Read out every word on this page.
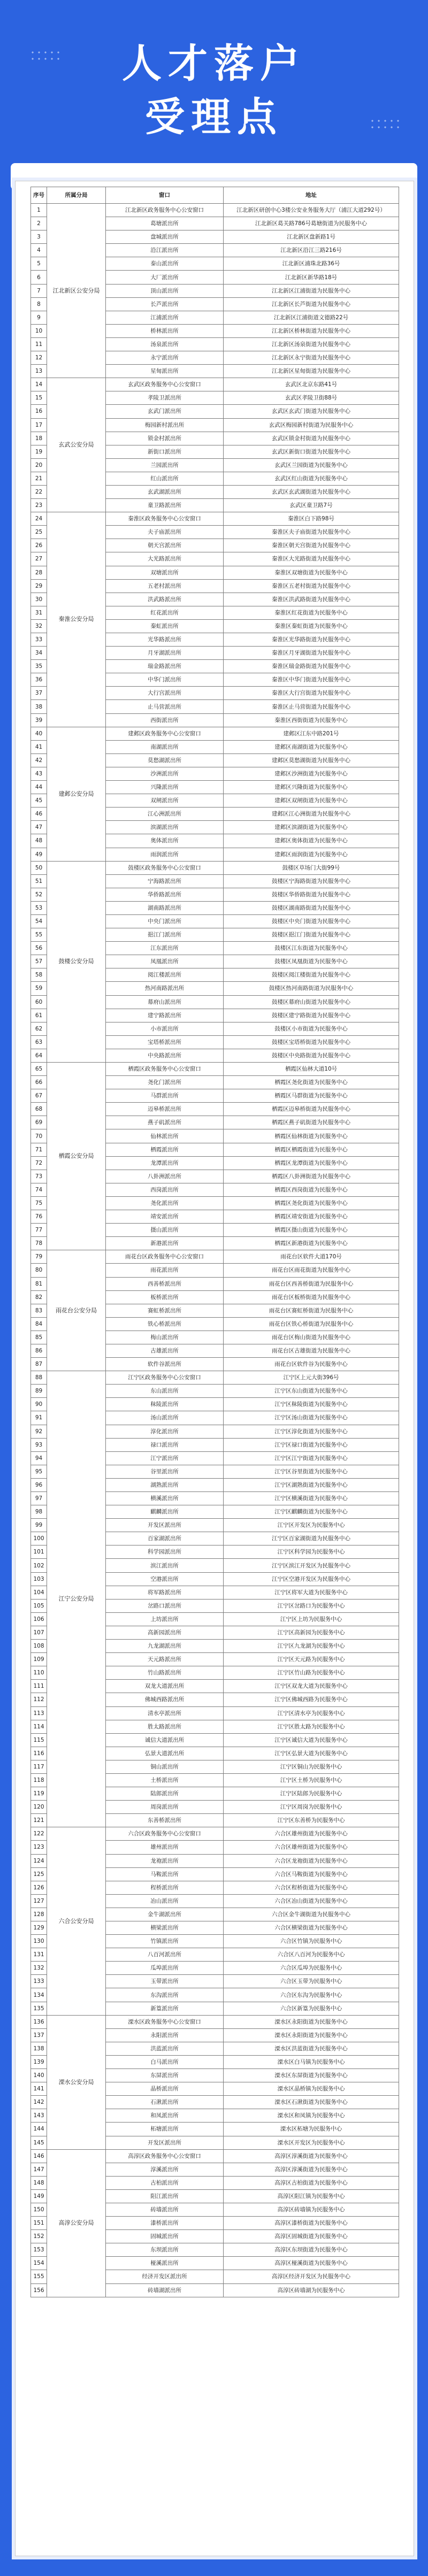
人才落户
受理点
序号	所属分局	窗口	地址
1	江北新区公安分局	江北新区政务服务中心公安窗口	江北新区研创中心3楼公安业务服务大厅（浦江大道292号）
2		葛塘派出所	江北新区葛关路786号葛塘街道为民服务中心
3		盘城派出所	江北新区盘新路1号
4		沿江派出所	江北新区沿江三路216号
5		泰山派出所	江北新区浦珠北路36号
6		大厂派出所	江北新区新华路18号
7		顶山派出所	江北新区江浦街道为民服务中心
8		长芦派出所	江北新区长芦街道为民服务中心
9		江浦派出所	江北新区江浦街道文德路22号
10		桥林派出所	江北新区桥林街道为民服务中心
11		汤泉派出所	江北新区汤泉街道为民服务中心
12		永宁派出所	江北新区永宁街道为民服务中心
13		星甸派出所	江北新区星甸街道为民服务中心
14	玄武公安分局	玄武区政务服务中心公安窗口	玄武区北京东路41号
15		孝陵卫派出所	玄武区孝陵卫街88号
16		玄武门派出所	玄武区玄武门街道为民服务中心
17		梅园新村派出所	玄武区梅园新村街道为民服务中心
18		锁金村派出所	玄武区锁金村街道为民服务中心
19		新街口派出所	玄武区新街口街道为民服务中心
20		兰园派出所	玄武区兰园街道为民服务中心
21		红山派出所	玄武区红山街道为民服务中心
22		玄武湖派出所	玄武区玄武湖街道为民服务中心
23		童卫路派出所	玄武区童卫路7号
24	秦淮公安分局	秦淮区政务服务中心公安窗口	秦淮区白下路98号
25		夫子庙派出所	秦淮区夫子庙街道为民服务中心
26		朝天宫派出所	秦淮区朝天宫街道为民服务中心
27		大光路派出所	秦淮区大光路街道为民服务中心
28		双塘派出所	秦淮区双塘街道为民服务中心
29		五老村派出所	秦淮区五老村街道为民服务中心
30		洪武路派出所	秦淮区洪武路街道为民服务中心
31		红花派出所	秦淮区红花街道为民服务中心
32		秦虹派出所	秦淮区秦虹街道为民服务中心
33		光华路派出所	秦淮区光华路街道为民服务中心
34		月牙湖派出所	秦淮区月牙湖街道为民服务中心
35		瑞金路派出所	秦淮区瑞金路街道为民服务中心
36		中华门派出所	秦淮区中华门街道为民服务中心
37		大行宫派出所	秦淮区大行宫街道为民服务中心
38		止马营派出所	秦淮区止马营街道为民服务中心
39		西街派出所	秦淮区西街街道为民服务中心
40	建邺公安分局	建邺区政务服务中心公安窗口	建邺区江东中路201号
41		南湖派出所	建邺区南湖街道为民服务中心
42		莫愁湖派出所	建邺区莫愁湖街道为民服务中心
43		沙洲派出所	建邺区沙洲街道为民服务中心
44		兴隆派出所	建邺区兴隆街道为民服务中心
45		双闸派出所	建邺区双闸街道为民服务中心
46		江心洲派出所	建邺区江心洲街道为民服务中心
47		滨湖派出所	建邺区滨湖街道为民服务中心
48		奥体派出所	建邺区奥体街道为民服务中心
49		雨润派出所	建邺区雨润街道为民服务中心
50	鼓楼公安分局	鼓楼区政务服务中心公安窗口	鼓楼区草场门大街99号
51		宁海路派出所	鼓楼区宁海路街道为民服务中心
52		华侨路派出所	鼓楼区华侨路街道为民服务中心
53		湖南路派出所	鼓楼区湖南路街道为民服务中心
54		中央门派出所	鼓楼区中央门街道为民服务中心
55		挹江门派出所	鼓楼区挹江门街道为民服务中心
56		江东派出所	鼓楼区江东街道为民服务中心
57		凤凰派出所	鼓楼区凤凰街道为民服务中心
58		阅江楼派出所	鼓楼区阅江楼街道为民服务中心
59		热河南路派出所	鼓楼区热河南路街道为民服务中心
60		幕府山派出所	鼓楼区幕府山街道为民服务中心
61		建宁路派出所	鼓楼区建宁路街道为民服务中心
62		小市派出所	鼓楼区小市街道为民服务中心
63		宝塔桥派出所	鼓楼区宝塔桥街道为民服务中心
64		中央路派出所	鼓楼区中央路街道为民服务中心
65	栖霞公安分局	栖霞区政务服务中心公安窗口	栖霞区仙林大道10号
66		尧化门派出所	栖霞区尧化街道为民服务中心
67		马群派出所	栖霞区马群街道为民服务中心
68		迈皋桥派出所	栖霞区迈皋桥街道为民服务中心
69		燕子矶派出所	栖霞区燕子矶街道为民服务中心
70		仙林派出所	栖霞区仙林街道为民服务中心
71		栖霞派出所	栖霞区栖霞街道为民服务中心
72		龙潭派出所	栖霞区龙潭街道为民服务中心
73		八卦洲派出所	栖霞区八卦洲街道为民服务中心
74		西岗派出所	栖霞区西岗街道为民服务中心
75		尧化派出所	栖霞区尧化街道为民服务中心
76		靖安派出所	栖霞区靖安街道为民服务中心
77		摄山派出所	栖霞区摄山街道为民服务中心
78		新港派出所	栖霞区新港街道为民服务中心
79	雨花台公安分局	雨花台区政务服务中心公安窗口	雨花台区软件大道170号
80		雨花派出所	雨花台区雨花街道为民服务中心
81		西善桥派出所	雨花台区西善桥街道为民服务中心
82		板桥派出所	雨花台区板桥街道为民服务中心
83		赛虹桥派出所	雨花台区赛虹桥街道为民服务中心
84		铁心桥派出所	雨花台区铁心桥街道为民服务中心
85		梅山派出所	雨花台区梅山街道为民服务中心
86		古雄派出所	雨花台区古雄街道为民服务中心
87		软件谷派出所	雨花台区软件谷为民服务中心
88	江宁公安分局	江宁区政务服务中心公安窗口	江宁区上元大街396号
89		东山派出所	江宁区东山街道为民服务中心
90		秣陵派出所	江宁区秣陵街道为民服务中心
91		汤山派出所	江宁区汤山街道为民服务中心
92		淳化派出所	江宁区淳化街道为民服务中心
93		禄口派出所	江宁区禄口街道为民服务中心
94		江宁派出所	江宁区江宁街道为民服务中心
95		谷里派出所	江宁区谷里街道为民服务中心
96		湖熟派出所	江宁区湖熟街道为民服务中心
97		横溪派出所	江宁区横溪街道为民服务中心
98		麒麟派出所	江宁区麒麟街道为民服务中心
99		开发区派出所	江宁区开发区为民服务中心
100		百家湖派出所	江宁区百家湖街道为民服务中心
101		科学园派出所	江宁区科学园为民服务中心
102		滨江派出所	江宁区滨江开发区为民服务中心
103		空港派出所	江宁区空港开发区为民服务中心
104		将军路派出所	江宁区将军大道为民服务中心
105		岔路口派出所	江宁区岔路口为民服务中心
106		上坊派出所	江宁区上坊为民服务中心
107		高新园派出所	江宁区高新园为民服务中心
108		九龙湖派出所	江宁区九龙湖为民服务中心
109		天元路派出所	江宁区天元路为民服务中心
110		竹山路派出所	江宁区竹山路为民服务中心
111		双龙大道派出所	江宁区双龙大道为民服务中心
112		佛城西路派出所	江宁区佛城西路为民服务中心
113		清水亭派出所	江宁区清水亭为民服务中心
114		胜太路派出所	江宁区胜太路为民服务中心
115		诚信大道派出所	江宁区诚信大道为民服务中心
116		弘景大道派出所	江宁区弘景大道为民服务中心
117		铜山派出所	江宁区铜山为民服务中心
118		土桥派出所	江宁区土桥为民服务中心
119		陆郎派出所	江宁区陆郎为民服务中心
120		周岗派出所	江宁区周岗为民服务中心
121		东善桥派出所	江宁区东善桥为民服务中心
122	六合公安分局	六合区政务服务中心公安窗口	六合区雄州街道为民服务中心
123		雄州派出所	六合区雄州街道为民服务中心
124		龙袍派出所	六合区龙袍街道为民服务中心
125		马鞍派出所	六合区马鞍街道为民服务中心
126		程桥派出所	六合区程桥街道为民服务中心
127		冶山派出所	六合区冶山街道为民服务中心
128		金牛湖派出所	六合区金牛湖街道为民服务中心
129		横梁派出所	六合区横梁街道为民服务中心
130		竹镇派出所	六合区竹镇为民服务中心
131		八百河派出所	六合区八百河为民服务中心
132		瓜埠派出所	六合区瓜埠为民服务中心
133		玉带派出所	六合区玉带为民服务中心
134		东沟派出所	六合区东沟为民服务中心
135		新篁派出所	六合区新篁为民服务中心
136	溧水公安分局	溧水区政务服务中心公安窗口	溧水区永阳街道为民服务中心
137		永阳派出所	溧水区永阳街道为民服务中心
138		洪蓝派出所	溧水区洪蓝街道为民服务中心
139		白马派出所	溧水区白马镇为民服务中心
140		东屏派出所	溧水区东屏街道为民服务中心
141		晶桥派出所	溧水区晶桥镇为民服务中心
142		石湫派出所	溧水区石湫街道为民服务中心
143		和凤派出所	溧水区和凤镇为民服务中心
144		柘塘派出所	溧水区柘塘为民服务中心
145		开发区派出所	溧水区开发区为民服务中心
146	高淳公安分局	高淳区政务服务中心公安窗口	高淳区淳溪街道为民服务中心
147		淳溪派出所	高淳区淳溪街道为民服务中心
148		古柏派出所	高淳区古柏街道为民服务中心
149		阳江派出所	高淳区阳江镇为民服务中心
150		砖墙派出所	高淳区砖墙镇为民服务中心
151		漆桥派出所	高淳区漆桥街道为民服务中心
152		固城派出所	高淳区固城街道为民服务中心
153		东坝派出所	高淳区东坝街道为民服务中心
154		桠溪派出所	高淳区桠溪街道为民服务中心
155		经济开发区派出所	高淳区经济开发区为民服务中心
156		砖墙湖派出所	高淳区砖墙湖为民服务中心
